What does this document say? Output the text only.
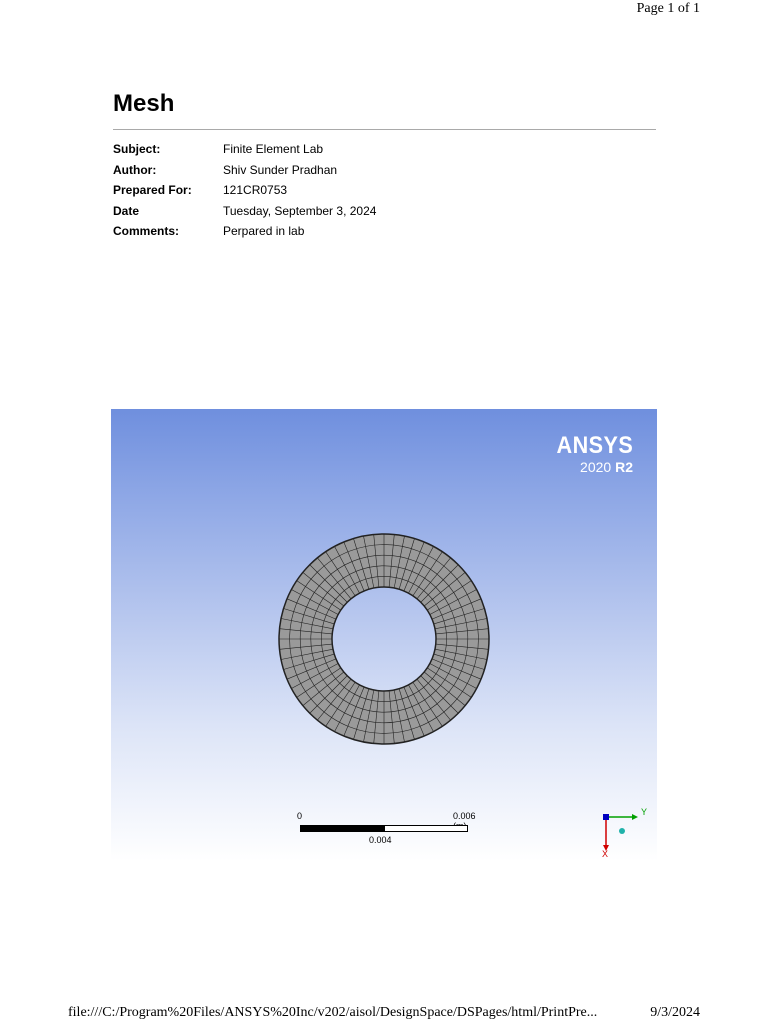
Page 1 of 1
Mesh
Subject:	Finite Element Lab
Author:	Shiv Sunder Pradhan
Prepared For:	121CR0753
Date	Tuesday, September 3, 2024
Comments:	Perpared in lab
ANSYS
2020 R2
0	0.006
0.004
Y
X
file:///C:/Program%20Files/ANSYS%20Inc/v202/aisol/DesignSpace/DSPages/html/PrintPre...	9/3/2024
